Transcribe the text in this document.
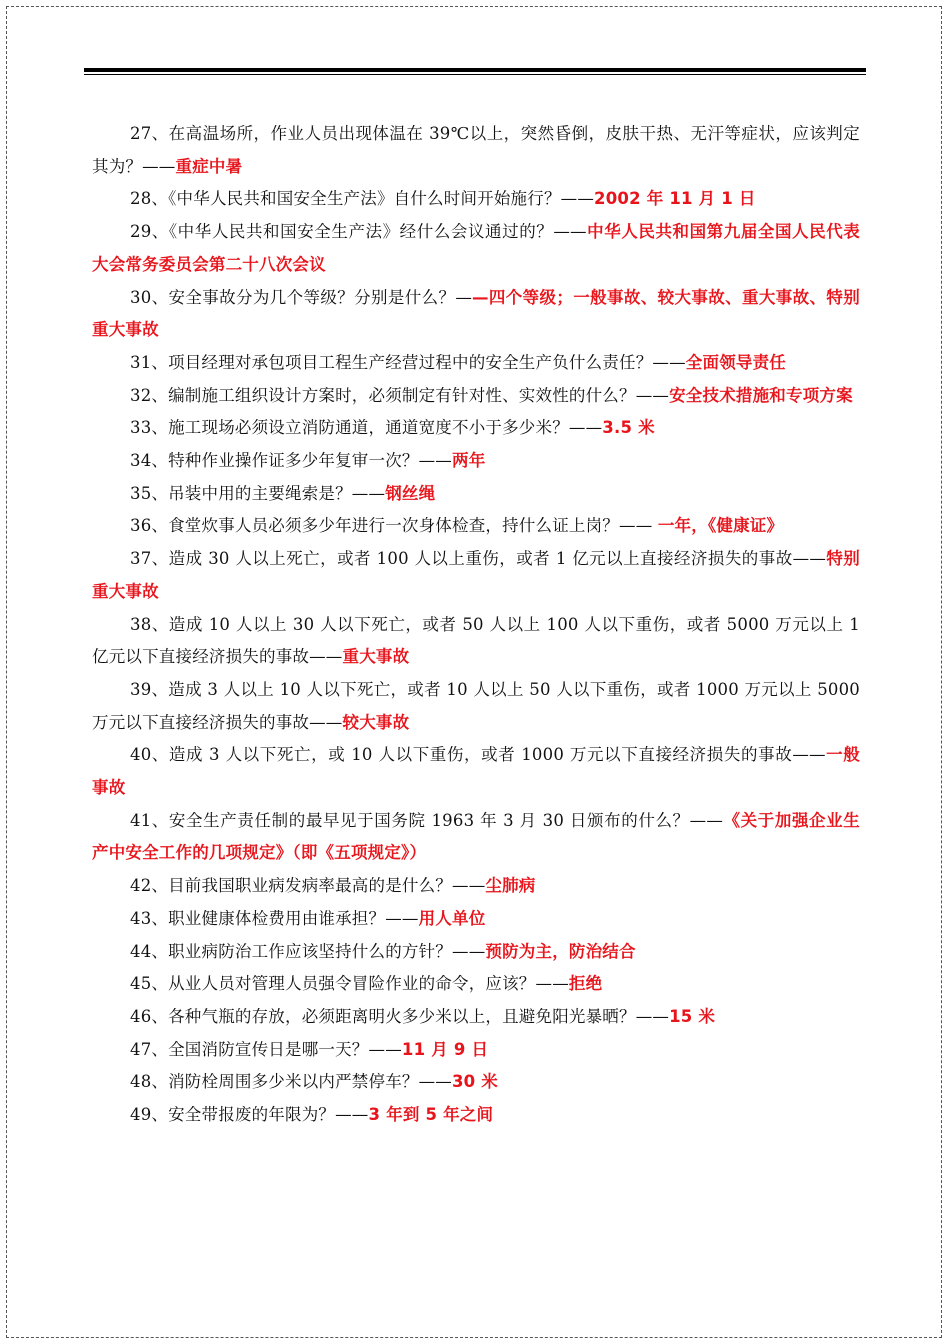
27、在高温场所，作业人员出现体温在 39℃以上，突然昏倒，皮肤干热、无汗等症状，应该判定其为？——重症中暑

28、《中华人民共和国安全生产法》自什么时间开始施行？——2002 年 11 月 1 日

29、《中华人民共和国安全生产法》经什么会议通过的？——中华人民共和国第九届全国人民代表大会常务委员会第二十八次会议

30、安全事故分为几个等级？分别是什么？——四个等级；一般事故、较大事故、重大事故、特别重大事故

31、项目经理对承包项目工程生产经营过程中的安全生产负什么责任？——全面领导责任

32、编制施工组织设计方案时，必须制定有针对性、实效性的什么？——安全技术措施和专项方案

33、施工现场必须设立消防通道，通道宽度不小于多少米？——3.5 米

34、特种作业操作证多少年复审一次？——两年

35、吊装中用的主要绳索是？——钢丝绳

36、食堂炊事人员必须多少年进行一次身体检查，持什么证上岗？—— 一年，《健康证》

37、造成 30 人以上死亡，或者 100 人以上重伤，或者 1 亿元以上直接经济损失的事故——特别重大事故

38、造成 10 人以上 30 人以下死亡，或者 50 人以上 100 人以下重伤，或者 5000 万元以上 1 亿元以下直接经济损失的事故——重大事故

39、造成 3 人以上 10 人以下死亡，或者 10 人以上 50 人以下重伤，或者 1000 万元以上 5000 万元以下直接经济损失的事故——较大事故

40、造成 3 人以下死亡，或 10 人以下重伤，或者 1000 万元以下直接经济损失的事故——一般事故

41、安全生产责任制的最早见于国务院 1963 年 3 月 30 日颁布的什么？——《关于加强企业生产中安全工作的几项规定》（即《五项规定》）

42、目前我国职业病发病率最高的是什么？——尘肺病

43、职业健康体检费用由谁承担？——用人单位

44、职业病防治工作应该坚持什么的方针？——预防为主，防治结合

45、从业人员对管理人员强令冒险作业的命令，应该？——拒绝

46、各种气瓶的存放，必须距离明火多少米以上，且避免阳光暴晒？——15 米

47、全国消防宣传日是哪一天？——11 月 9 日

48、消防栓周围多少米以内严禁停车？——30 米

49、安全带报废的年限为？——3 年到 5 年之间
